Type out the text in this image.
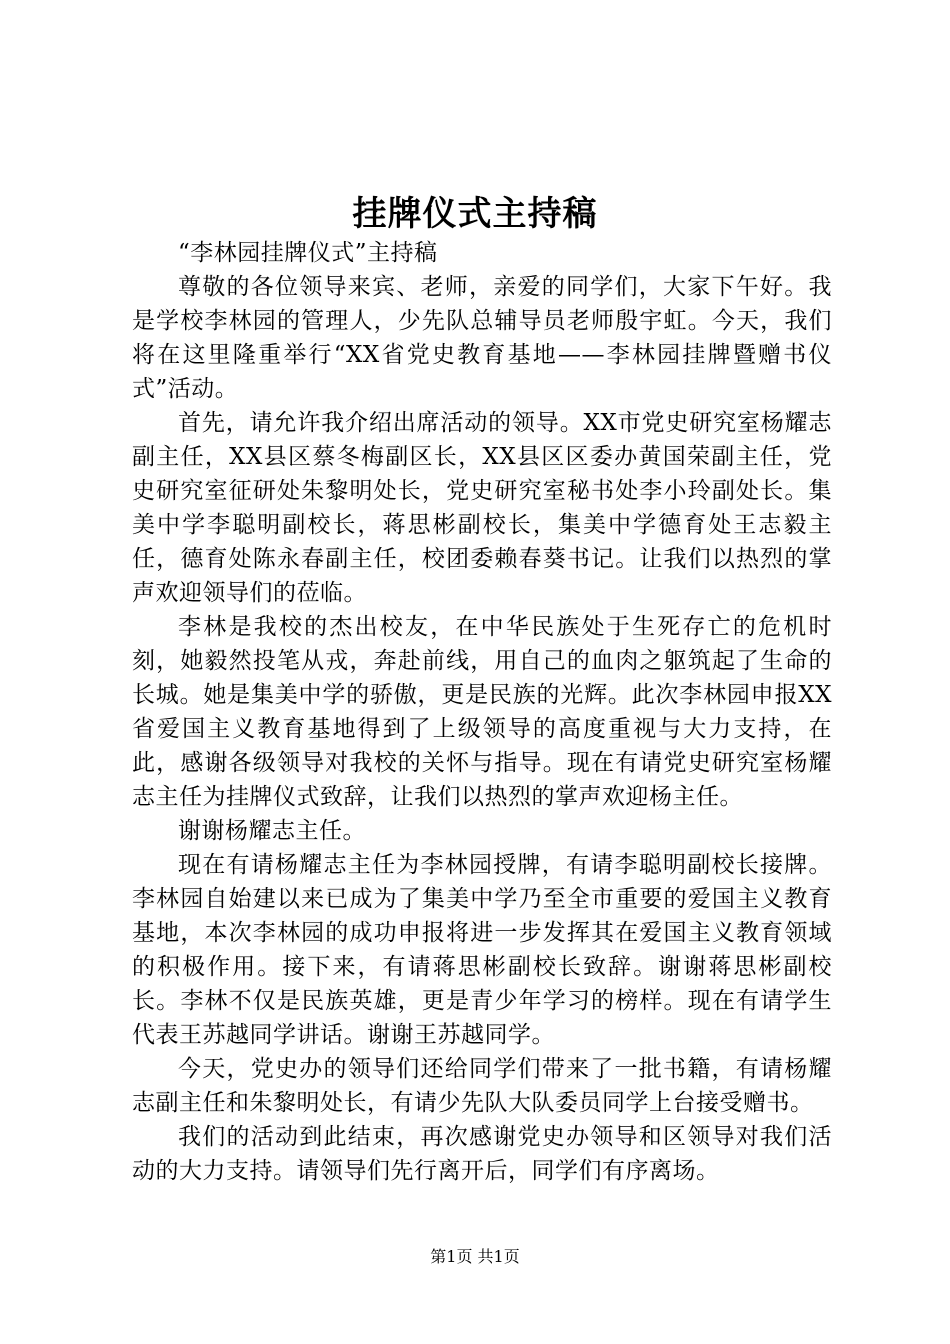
挂牌仪式主持稿

“李林园挂牌仪式”主持稿

尊敬的各位领导来宾、老师，亲爱的同学们，大家下午好。我是学校李林园的管理人，少先队总辅导员老师殷宇虹。今天，我们将在这里隆重举行“XX省党史教育基地——李林园挂牌暨赠书仪式”活动。

首先，请允许我介绍出席活动的领导。XX市党史研究室杨耀志副主任，XX县区蔡冬梅副区长，XX县区区委办黄国荣副主任，党史研究室征研处朱黎明处长，党史研究室秘书处李小玲副处长。集美中学李聪明副校长，蒋思彬副校长，集美中学德育处王志毅主任，德育处陈永春副主任，校团委赖春葵书记。让我们以热烈的掌声欢迎领导们的莅临。

李林是我校的杰出校友，在中华民族处于生死存亡的危机时刻，她毅然投笔从戎，奔赴前线，用自己的血肉之躯筑起了生命的长城。她是集美中学的骄傲，更是民族的光辉。此次李林园申报XX省爱国主义教育基地得到了上级领导的高度重视与大力支持，在此，感谢各级领导对我校的关怀与指导。现在有请党史研究室杨耀志主任为挂牌仪式致辞，让我们以热烈的掌声欢迎杨主任。

谢谢杨耀志主任。

现在有请杨耀志主任为李林园授牌，有请李聪明副校长接牌。李林园自始建以来已成为了集美中学乃至全市重要的爱国主义教育基地，本次李林园的成功申报将进一步发挥其在爱国主义教育领域的积极作用。接下来，有请蒋思彬副校长致辞。谢谢蒋思彬副校长。李林不仅是民族英雄，更是青少年学习的榜样。现在有请学生代表王苏越同学讲话。谢谢王苏越同学。

今天，党史办的领导们还给同学们带来了一批书籍，有请杨耀志副主任和朱黎明处长，有请少先队大队委员同学上台接受赠书。

我们的活动到此结束，再次感谢党史办领导和区领导对我们活动的大力支持。请领导们先行离开后，同学们有序离场。

第1页 共1页
